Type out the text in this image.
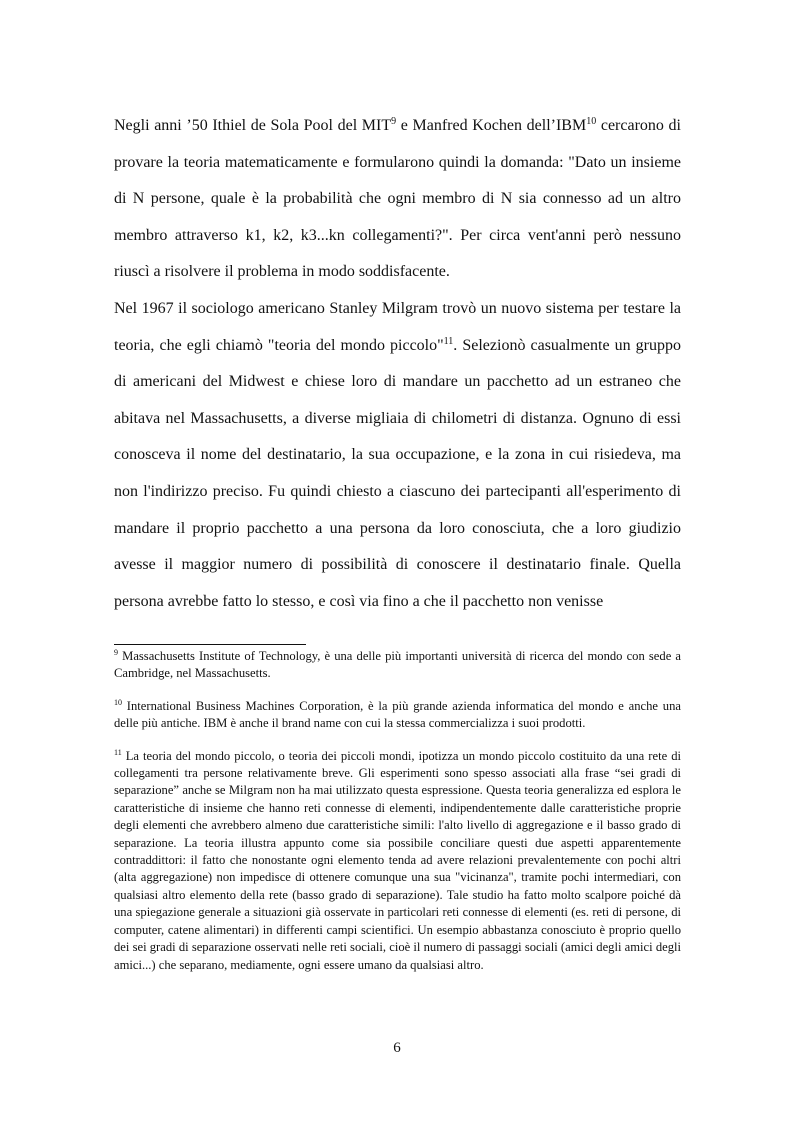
Negli anni ’50 Ithiel de Sola Pool del MIT$^9$ e Manfred Kochen dell’IBM$^{10}$ cercarono di provare la teoria matematicamente e formularono quindi la domanda: "Dato un insieme di N persone, quale è la probabilità che ogni membro di N sia connesso ad un altro membro attraverso k1, k2, k3...kn collegamenti?". Per circa vent'anni però nessuno riuscì a risolvere il problema in modo soddisfacente.

Nel 1967 il sociologo americano Stanley Milgram trovò un nuovo sistema per testare la teoria, che egli chiamò "teoria del mondo piccolo"$^{11}$. Selezionò casualmente un gruppo di americani del Midwest e chiese loro di mandare un pacchetto ad un estraneo che abitava nel Massachusetts, a diverse migliaia di chilometri di distanza. Ognuno di essi conosceva il nome del destinatario, la sua occupazione, e la zona in cui risiedeva, ma non l'indirizzo preciso. Fu quindi chiesto a ciascuno dei partecipanti all'esperimento di mandare il proprio pacchetto a una persona da loro conosciuta, che a loro giudizio avesse il maggior numero di possibilità di conoscere il destinatario finale. Quella persona avrebbe fatto lo stesso, e così via fino a che il pacchetto non venisse

$^9$ Massachusetts Institute of Technology, è una delle più importanti università di ricerca del mondo con sede a Cambridge, nel Massachusetts.

$^{10}$ International Business Machines Corporation, è la più grande azienda informatica del mondo e anche una delle più antiche. IBM è anche il brand name con cui la stessa commercializza i suoi prodotti.

$^{11}$ La teoria del mondo piccolo, o teoria dei piccoli mondi, ipotizza un mondo piccolo costituito da una rete di collegamenti tra persone relativamente breve. Gli esperimenti sono spesso associati alla frase “sei gradi di separazione” anche se Milgram non ha mai utilizzato questa espressione. Questa teoria generalizza ed esplora le caratteristiche di insieme che hanno reti connesse di elementi, indipendentemente dalle caratteristiche proprie degli elementi che avrebbero almeno due caratteristiche simili: l'alto livello di aggregazione e il basso grado di separazione. La teoria illustra appunto come sia possibile conciliare questi due aspetti apparentemente contraddittori: il fatto che nonostante ogni elemento tenda ad avere relazioni prevalentemente con pochi altri (alta aggregazione) non impedisce di ottenere comunque una sua "vicinanza", tramite pochi intermediari, con qualsiasi altro elemento della rete (basso grado di separazione). Tale studio ha fatto molto scalpore poiché dà una spiegazione generale a situazioni già osservate in particolari reti connesse di elementi (es. reti di persone, di computer, catene alimentari) in differenti campi scientifici. Un esempio abbastanza conosciuto è proprio quello dei sei gradi di separazione osservati nelle reti sociali, cioè il numero di passaggi sociali (amici degli amici degli amici...) che separano, mediamente, ogni essere umano da qualsiasi altro.

6
